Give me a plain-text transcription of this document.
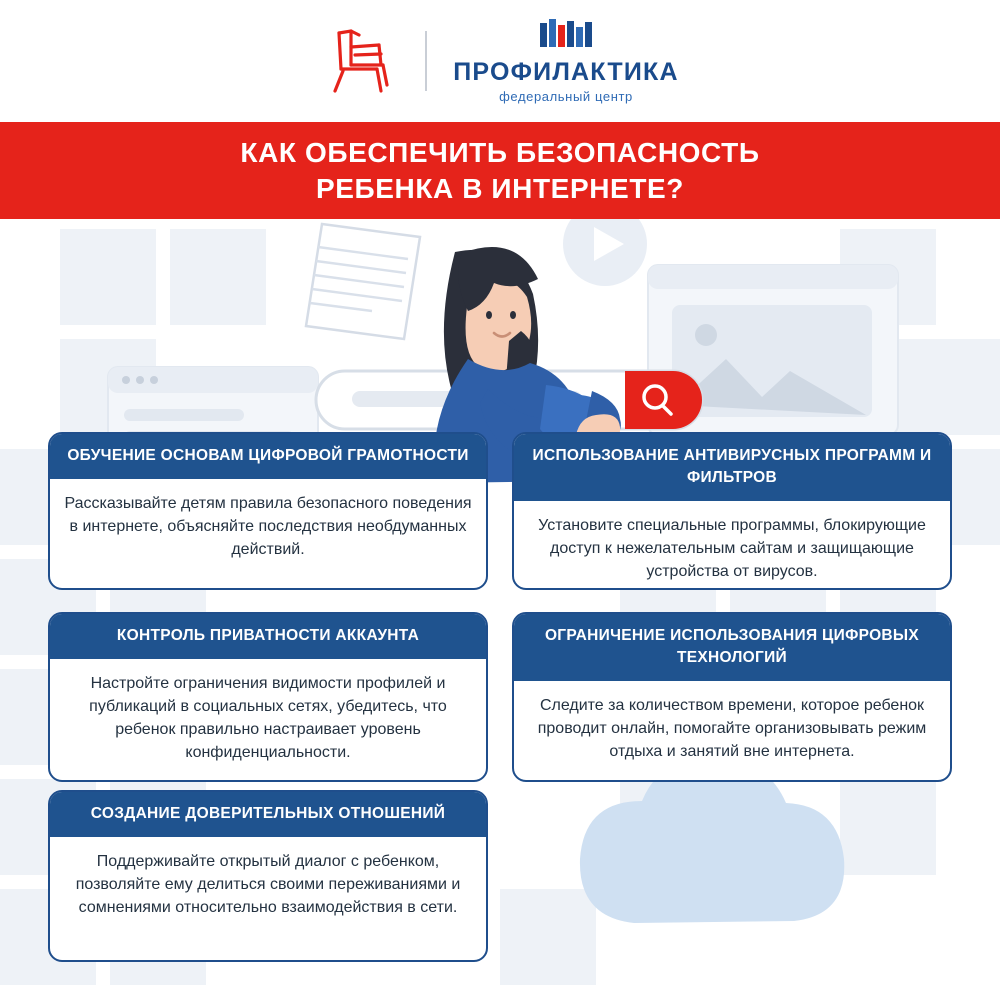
ПРОФИЛАКТИКА
федеральный центр
КАК ОБЕСПЕЧИТЬ БЕЗОПАСНОСТЬ
РЕБЕНКА В ИНТЕРНЕТЕ?
ОБУЧЕНИЕ ОСНОВАМ ЦИФРОВОЙ ГРАМОТНОСТИ
Рассказывайте детям правила безопасного поведения в интернете, объясняйте последствия необдуманных действий.
ИСПОЛЬЗОВАНИЕ АНТИВИРУСНЫХ ПРОГРАММ И ФИЛЬТРОВ
Установите специальные программы, блокирующие доступ к нежелательным сайтам и защищающие устройства от вирусов.
КОНТРОЛЬ ПРИВАТНОСТИ АККАУНТА
Настройте ограничения видимости профилей и публикаций в социальных сетях, убедитесь, что ребенок правильно настраивает уровень конфиденциальности.
ОГРАНИЧЕНИЕ ИСПОЛЬЗОВАНИЯ ЦИФРОВЫХ ТЕХНОЛОГИЙ
Следите за количеством времени, которое ребенок проводит онлайн, помогайте организовывать режим отдыха и занятий вне интернета.
СОЗДАНИЕ ДОВЕРИТЕЛЬНЫХ ОТНОШЕНИЙ
Поддерживайте открытый диалог с ребенком, позволяйте ему делиться своими переживаниями и сомнениями относительно взаимодействия в сети.
